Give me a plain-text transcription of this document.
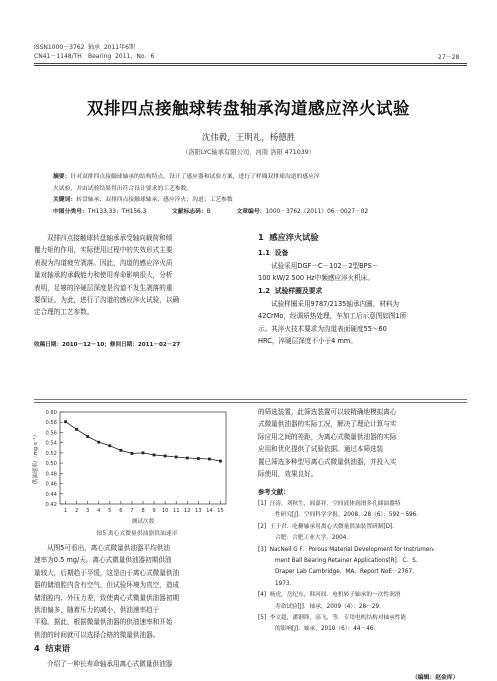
ISSN1000－3762 轴承 2011年6期
CN41－1148/TH Bearing 2011，No．6	27－28
双排四点接触球转盘轴承沟道感应淬火试验
沈伟毅，王明礼，杨德胜
（洛阳LYC轴承有限公司，河南 洛阳 471039）
摘要：针对双排四点接触球轴承的结构特点，设计了感应器和试验方案，进行了样圈双排球沟道的感应淬
火试验，并由试验结果得出符合设计要求的工艺参数。
关键词：转盘轴承；双排四点接触球轴承；感应淬火；沟道；工艺参数
中图分类号：TH133.33；TH156.3	文献标志码：B	文章编号：1000－3762（2011）06－0027－02
双排四点接触球转盘轴承承受轴向载荷和倾
覆力矩的作用，实际使用过程中的失效形式主要
表现为沟道疲劳剥落。因此，沟道的感应淬火质
量对轴承的承载能力和使用寿命影响很大，分析
表明，足够的淬硬层深度是沟道不发生剥落的重
要保证。为此，进行了沟道的感应淬火试验，以确
定合理的工艺参数。
收稿日期：2010－12－10；修回日期：2011－02－27
1 感应淬火试验
1.1 设备
试验采用DGF－C－102－2型BPS－
100 kW/2 500 Hz中频感应淬火机床。
1.2 试验样圈及要求
试验样圈采用9787/2135轴承内圈，材料为
42CrMo，经调质热处理，车加工后示意图如图1所
示。其淬火技术要求为沟道表面硬度55～60
HRC，淬硬层深度不小于4 mm。
0.42
0.44
0.46
0.48
0.50
0.52
0.54
0.56
0.58
0.60
1 2 3 4 5 6 7 8 9 10 11 12 13 14 15
测试次数
供油速率/（mg·s⁻¹）
图5 离心式微量供油器供油速率
从图5可看出，离心式微量供油器平均供油
速率为0.5 mg/天。离心式微量供油器初期供油
量较大，后期趋于平缓，这是由于离心式微量供油
器的储油腔内含有空气，但试验环境为真空，造成
储油腔内、外压力差，致使离心式微量供油器初期
供油偏多，随着压力的减小，供油速率趋于
平稳。据此，根据微量供油器的供油速率和开始
供油的时间就可以选择合格的微量供油器。
4 结束语
介绍了一种长寿命轴承用离心式微量供油器
的筛选装置，此筛选装置可以较精确地模拟离心
式微量供油器的实际工况，解决了理论计算与实
际应用之间的差距，为离心式微量供油器的实际
应用和优化提供了试验依据。通过本筛选装
置已筛选多种型号离心式微量供油器，并投入实
际使用，效果良好。
参考文献：
[1] 汪涛，刘秋生，阎嘉祥．空间液体润滑多孔储油器特
性研究[J]．空间科学学报，2008，28（6）：592－596．
[2] 王于君．吃糖轴承用离心式微量供油装置研制[D]．
合肥：合肥工业大学，2004．
[3] NacNeil G F．Porous Material Development for Instrumen-
ment Ball Bearing Retainer Applications[R]．C．S．
Draper Lab Cambridge，MA，Report NoE－2767，
1973．
[4] 杨虎，岳纪东，韩河间．电机转子轴承的一次性润滑
寿命试验[J]．轴承，2009（4）：28－29．
[5] 李文超，潘钢锋，高飞，等．专用电机结构对轴承性能
的影响[J]．轴承，2010（6）：44－46．
（编辑：赵金库）
